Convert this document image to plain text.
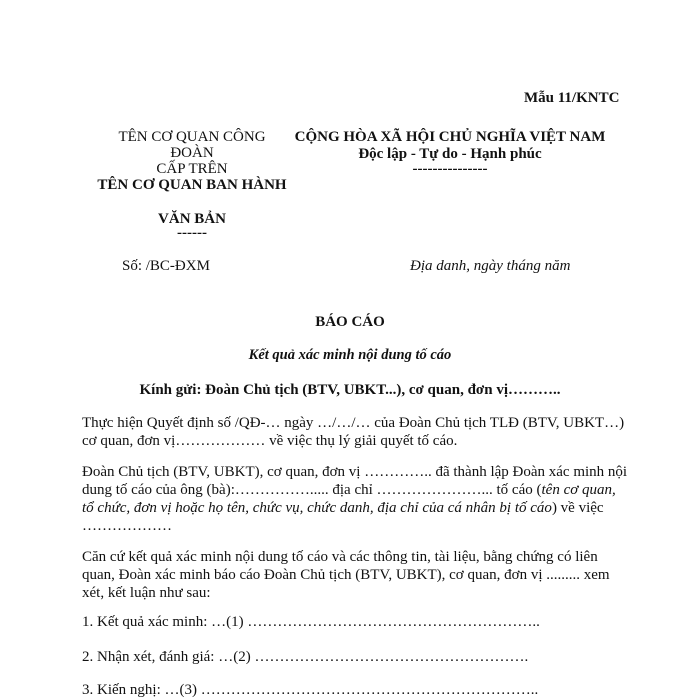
Mẫu 11/KNTC
TÊN CƠ QUAN CÔNG
ĐOÀN
CẤP TRÊN
TÊN CƠ QUAN BAN HÀNH
VĂN BẢN
------
Số: /BC-ĐXM
CỘNG HÒA XÃ HỘI CHỦ NGHĨA VIỆT NAM
Độc lập - Tự do - Hạnh phúc
---------------
Địa danh, ngày tháng năm
BÁO CÁO
Kết quả xác minh nội dung tố cáo
Kính gửi: Đoàn Chủ tịch (BTV, UBKT...), cơ quan, đơn vị………..
Thực hiện Quyết định số /QĐ-… ngày …/…/… của Đoàn Chủ tịch TLĐ (BTV, UBKT…) cơ quan, đơn vị……………… về việc thụ lý giải quyết tố cáo.
Đoàn Chủ tịch (BTV, UBKT), cơ quan, đơn vị ………….. đã thành lập Đoàn xác minh nội dung tố cáo của ông (bà):……………..... địa chỉ …………………... tố cáo (tên cơ quan, tổ chức, đơn vị hoặc họ tên, chức vụ, chức danh, địa chỉ của cá nhân bị tố cáo) về việc ………………
Căn cứ kết quả xác minh nội dung tố cáo và các thông tin, tài liệu, bằng chứng có liên quan, Đoàn xác minh báo cáo Đoàn Chủ tịch (BTV, UBKT), cơ quan, đơn vị ......... xem xét, kết luận như sau:
1. Kết quả xác minh: …(1) …………………………………………………..
2. Nhận xét, đánh giá: …(2) ……………………………………………….
3. Kiến nghị: …(3) …………………………………………………………..
